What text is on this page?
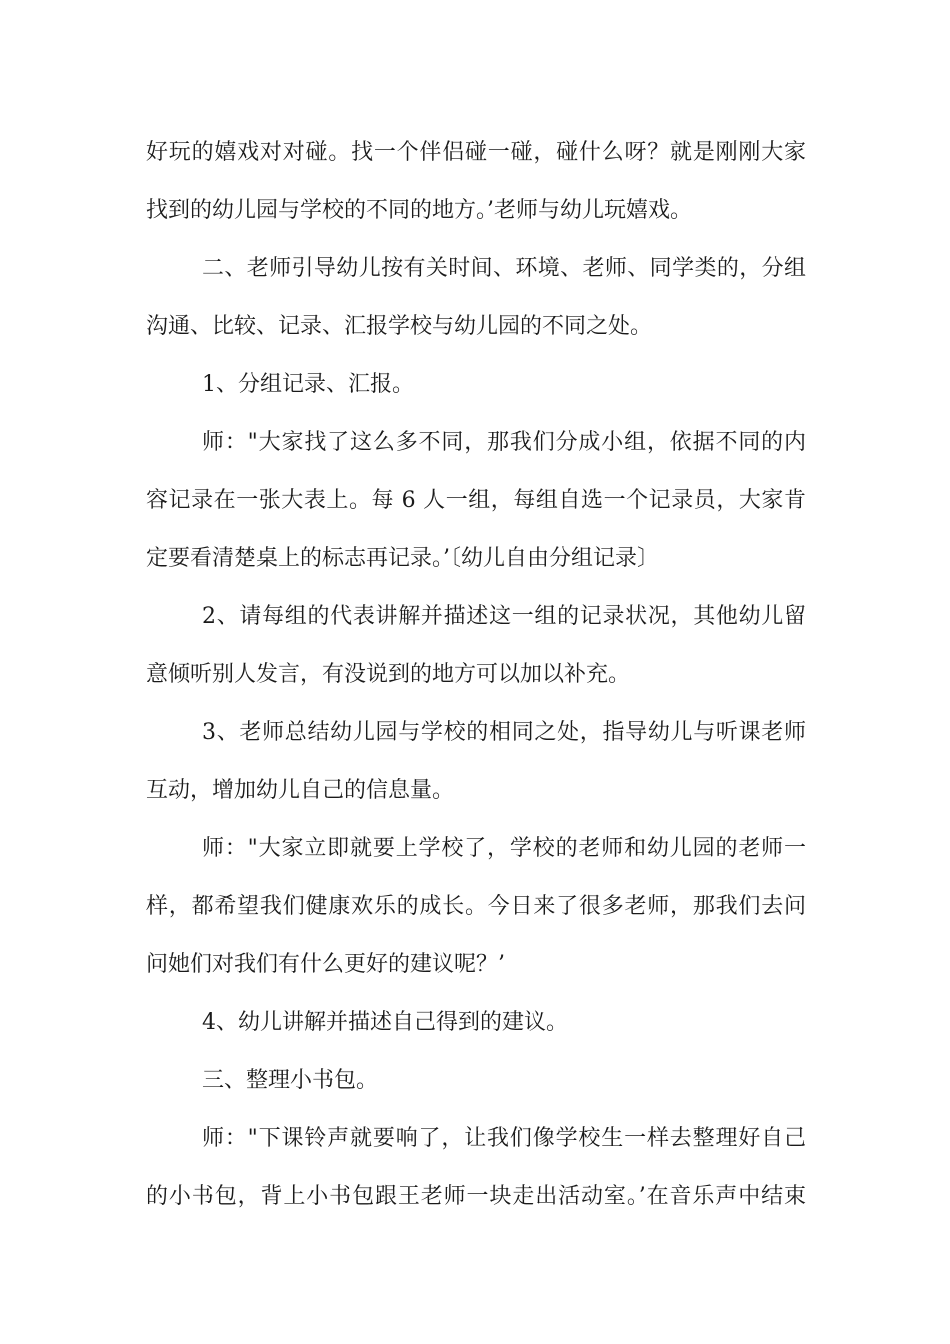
好玩的嬉戏对对碰。找一个伴侣碰一碰，碰什么呀？就是刚刚大家
找到的幼儿园与学校的不同的地方。’老师与幼儿玩嬉戏。
二、老师引导幼儿按有关时间、环境、老师、同学类的，分组
沟通、比较、记录、汇报学校与幼儿园的不同之处。
1、分组记录、汇报。
师："大家找了这么多不同，那我们分成小组，依据不同的内
容记录在一张大表上。每 6 人一组，每组自选一个记录员，大家肯
定要看清楚桌上的标志再记录。’〔幼儿自由分组记录〕
2、请每组的代表讲解并描述这一组的记录状况，其他幼儿留
意倾听别人发言，有没说到的地方可以加以补充。
3、老师总结幼儿园与学校的相同之处，指导幼儿与听课老师
互动，增加幼儿自己的信息量。
师："大家立即就要上学校了，学校的老师和幼儿园的老师一
样，都希望我们健康欢乐的成长。今日来了很多老师，那我们去问
问她们对我们有什么更好的建议呢？’
4、幼儿讲解并描述自己得到的建议。
三、整理小书包。
师："下课铃声就要响了，让我们像学校生一样去整理好自己
的小书包，背上小书包跟王老师一块走出活动室。’在音乐声中结束
